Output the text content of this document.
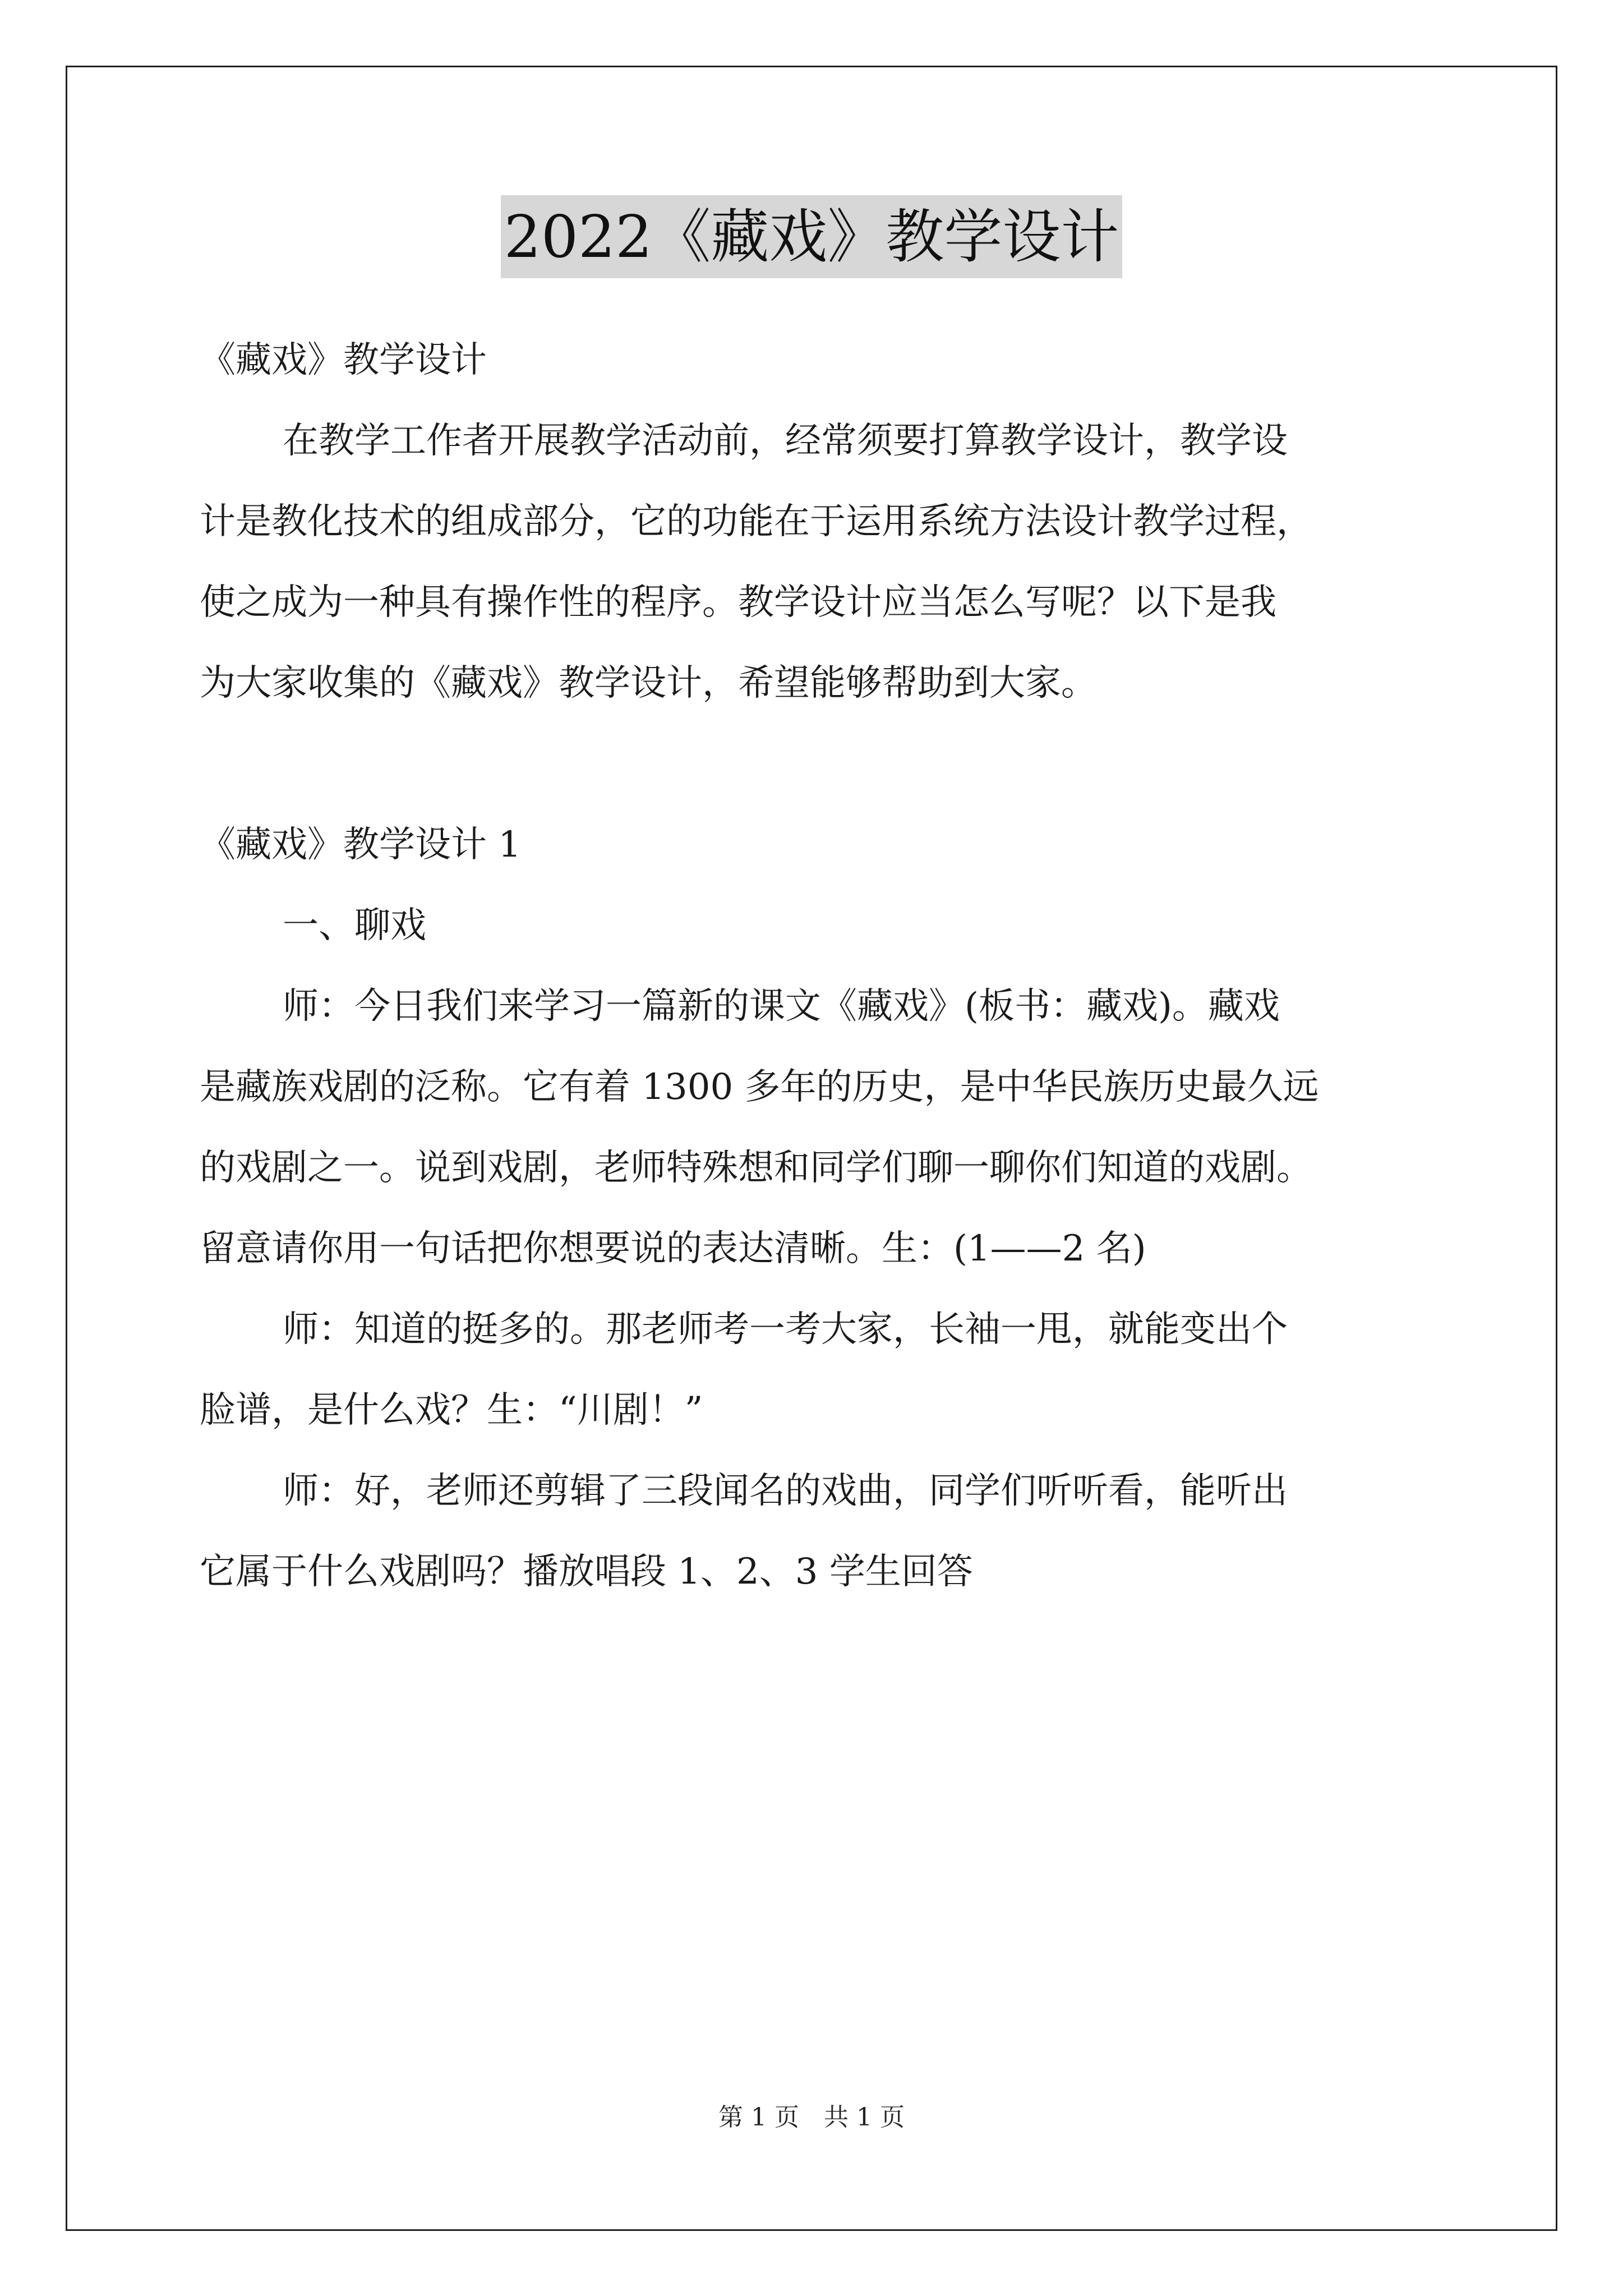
2022《藏戏》教学设计
《藏戏》教学设计
在教学工作者开展教学活动前，经常须要打算教学设计，教学设
计是教化技术的组成部分，它的功能在于运用系统方法设计教学过程，
使之成为一种具有操作性的程序。教学设计应当怎么写呢？以下是我
为大家收集的《藏戏》教学设计，希望能够帮助到大家。
《藏戏》教学设计 1
一、聊戏
师：今日我们来学习一篇新的课文《藏戏》(板书：藏戏)。藏戏
是藏族戏剧的泛称。它有着 1300 多年的历史，是中华民族历史最久远
的戏剧之一。说到戏剧，老师特殊想和同学们聊一聊你们知道的戏剧。
留意请你用一句话把你想要说的表达清晰。生：(1——2 名)
师：知道的挺多的。那老师考一考大家，长袖一甩，就能变出个
脸谱，是什么戏？生：“川剧！”
师：好，老师还剪辑了三段闻名的戏曲，同学们听听看，能听出
它属于什么戏剧吗？播放唱段 1、2、3 学生回答
第 1 页　共 1 页
